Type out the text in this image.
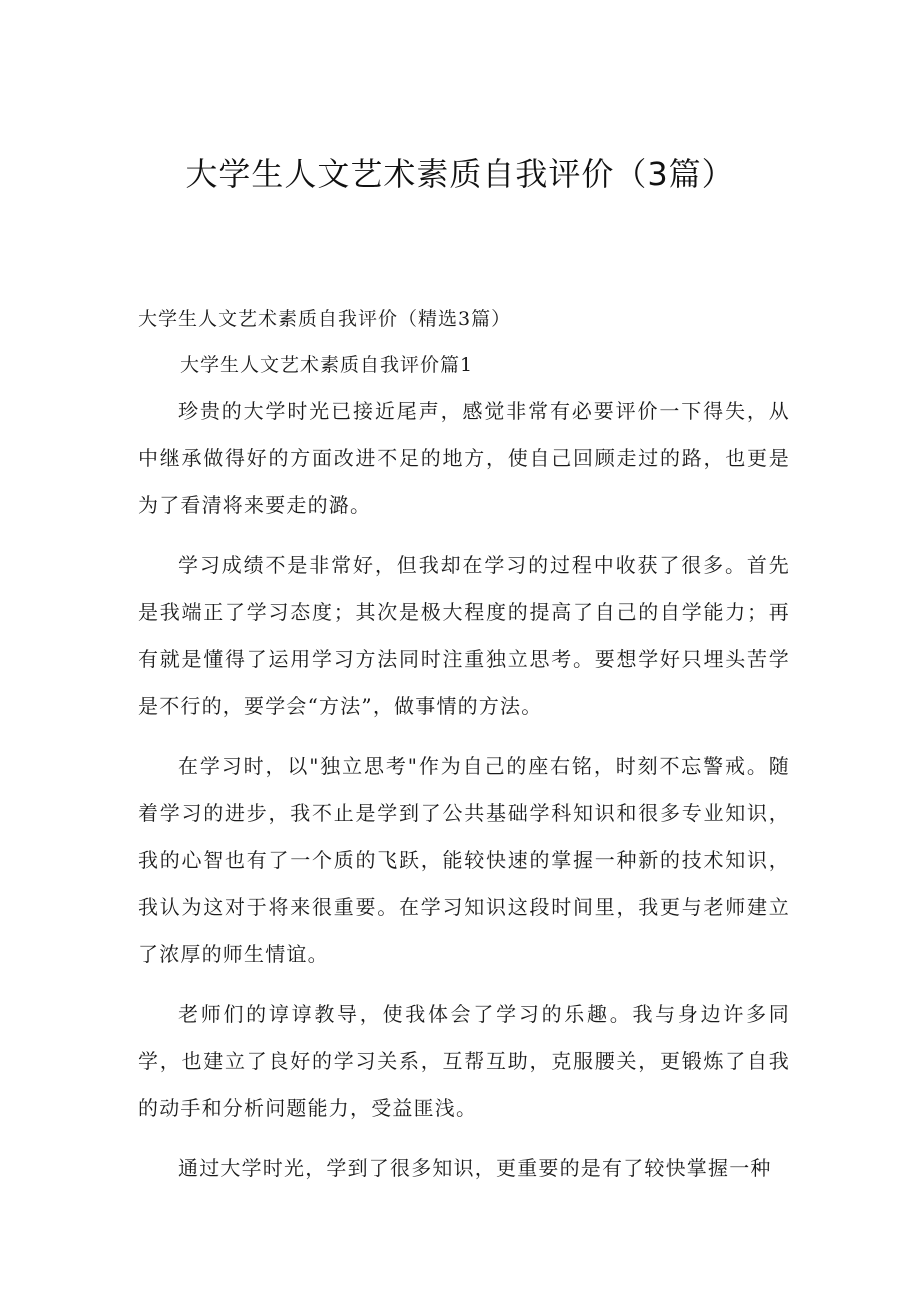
大学生人文艺术素质自我评价（3篇）

大学生人文艺术素质自我评价（精选3篇）

大学生人文艺术素质自我评价篇1

珍贵的大学时光已接近尾声，感觉非常有必要评价一下得失，从中继承做得好的方面改进不足的地方，使自己回顾走过的路，也更是为了看清将来要走的潞。

学习成绩不是非常好，但我却在学习的过程中收获了很多。首先是我端正了学习态度；其次是极大程度的提高了自己的自学能力；再有就是懂得了运用学习方法同时注重独立思考。要想学好只埋头苦学是不行的，要学会“方法”，做事情的方法。

在学习时，以"独立思考"作为自己的座右铭，时刻不忘警戒。随着学习的进步，我不止是学到了公共基础学科知识和很多专业知识，我的心智也有了一个质的飞跃，能较快速的掌握一种新的技术知识，我认为这对于将来很重要。在学习知识这段时间里，我更与老师建立了浓厚的师生情谊。

老师们的谆谆教导，使我体会了学习的乐趣。我与身边许多同学，也建立了良好的学习关系，互帮互助，克服腰关，更锻炼了自我的动手和分析问题能力，受益匪浅。

通过大学时光，学到了很多知识，更重要的是有了较快掌握一种
